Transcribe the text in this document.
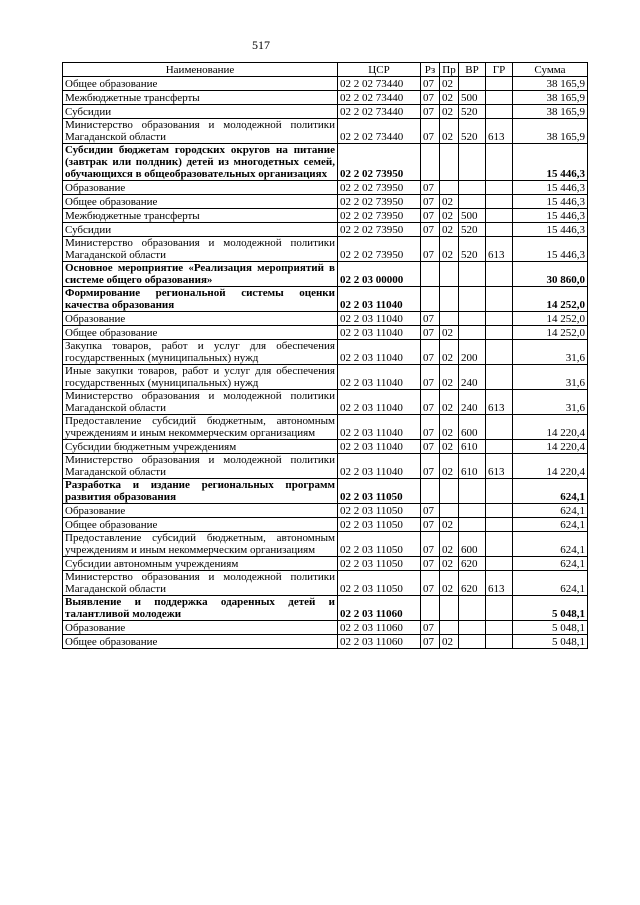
517
Наименование	ЦСР	Рз	Пр	ВР	ГР	Сумма
Общее образование	02 2 02 73440	07	02			38 165,9
Межбюджетные трансферты	02 2 02 73440	07	02	500		38 165,9
Субсидии	02 2 02 73440	07	02	520		38 165,9
Министерство образования и молодежной политики Магаданской области	02 2 02 73440	07	02	520	613	38 165,9
Субсидии бюджетам городских округов на питание (завтрак или полдник) детей из многодетных семей, обучающихся в общеобразовательных организациях	02 2 02 73950					15 446,3
Образование	02 2 02 73950	07				15 446,3
Общее образование	02 2 02 73950	07	02			15 446,3
Межбюджетные трансферты	02 2 02 73950	07	02	500		15 446,3
Субсидии	02 2 02 73950	07	02	520		15 446,3
Министерство образования и молодежной политики Магаданской области	02 2 02 73950	07	02	520	613	15 446,3
Основное мероприятие «Реализация мероприятий в системе общего образования»	02 2 03 00000					30 860,0
Формирование региональной системы оценки качества образования	02 2 03 11040					14 252,0
Образование	02 2 03 11040	07				14 252,0
Общее образование	02 2 03 11040	07	02			14 252,0
Закупка товаров, работ и услуг для обеспечения государственных (муниципальных) нужд	02 2 03 11040	07	02	200		31,6
Иные закупки товаров, работ и услуг для обеспечения государственных (муниципальных) нужд	02 2 03 11040	07	02	240		31,6
Министерство образования и молодежной политики Магаданской области	02 2 03 11040	07	02	240	613	31,6
Предоставление субсидий бюджетным, автономным учреждениям и иным некоммерческим организациям	02 2 03 11040	07	02	600		14 220,4
Субсидии бюджетным учреждениям	02 2 03 11040	07	02	610		14 220,4
Министерство образования и молодежной политики Магаданской области	02 2 03 11040	07	02	610	613	14 220,4
Разработка и издание региональных программ развития образования	02 2 03 11050					624,1
Образование	02 2 03 11050	07				624,1
Общее образование	02 2 03 11050	07	02			624,1
Предоставление субсидий бюджетным, автономным учреждениям и иным некоммерческим организациям	02 2 03 11050	07	02	600		624,1
Субсидии автономным учреждениям	02 2 03 11050	07	02	620		624,1
Министерство образования и молодежной политики Магаданской области	02 2 03 11050	07	02	620	613	624,1
Выявление и поддержка одаренных детей и талантливой молодежи	02 2 03 11060					5 048,1
Образование	02 2 03 11060	07				5 048,1
Общее образование	02 2 03 11060	07	02			5 048,1
